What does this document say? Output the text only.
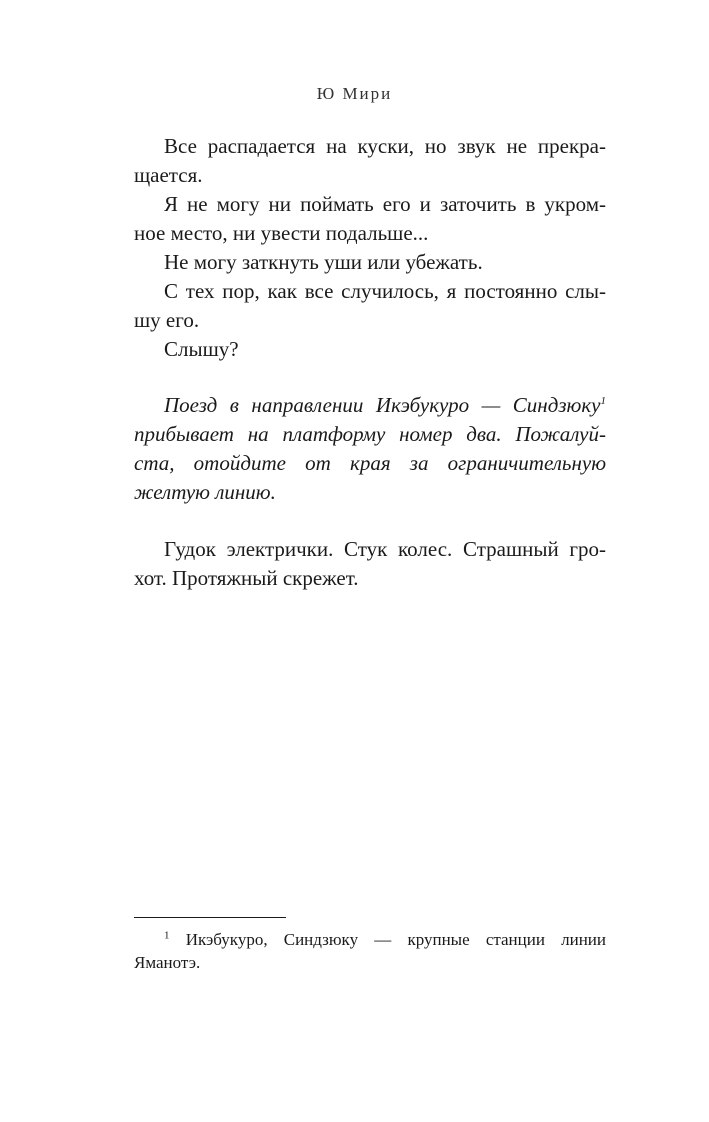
Ю Мири

Все распадается на куски, но звук не прекра-

щается.

Я не могу ни поймать его и заточить в укром-

ное место, ни увести подальше...

Не могу заткнуть уши или убежать.

С тех пор, как все случилось, я постоянно слы-

шу его.

Слышу?

Поезд в направлении Икэбукуро — Синдзюку$^1$

прибывает на платформу номер два. Пожалуй-
ста, отойдите от края за ограничительную
желтую линию.

Гудок электрички. Стук колес. Страшный гро-

хот. Протяжный скрежет.

$^1$ Икэбукуро, Синдзюку — крупные станции линии
Яманотэ.
